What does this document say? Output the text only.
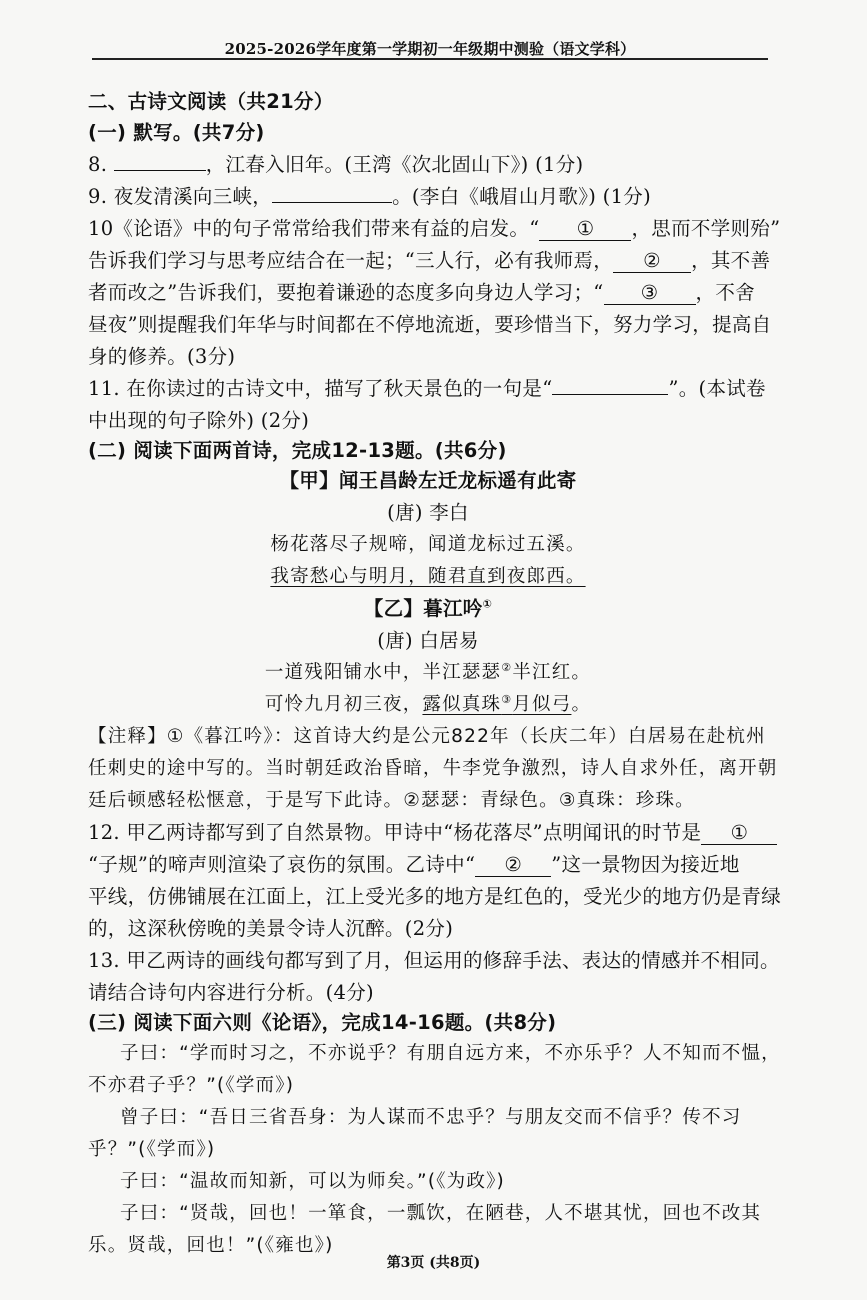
2025-2026学年度第一学期初一年级期中测验（语文学科）
二、古诗文阅读（共21分）
(一) 默写。(共7分)
8.	，江春入旧年。(王湾《次北固山下》) (1分)
9. 夜发清溪向三峡，	。(李白《峨眉山月歌》) (1分)
10《论语》中的句子常常给我们带来有益的启发。“ ① ，思而不学则殆”
告诉我们学习与思考应结合在一起；“三人行，必有我师焉， ② ，其不善
者而改之”告诉我们，要抱着谦逊的态度多向身边人学习；“ ③ ，不舍
昼夜”则提醒我们年华与时间都在不停地流逝，要珍惜当下，努力学习，提高自
身的修养。(3分)
11. 在你读过的古诗文中，描写了秋天景色的一句是“	”。(本试卷
中出现的句子除外) (2分)
(二) 阅读下面两首诗，完成12-13题。(共6分)
【甲】闻王昌龄左迁龙标遥有此寄
(唐) 李白
杨花落尽子规啼，闻道龙标过五溪。
我寄愁心与明月，随君直到夜郎西。
【乙】暮江吟①
(唐) 白居易
一道残阳铺水中，半江瑟瑟②半江红。
可怜九月初三夜，露似真珠③月似弓。
【注释】①《暮江吟》：这首诗大约是公元822年（长庆二年）白居易在赴杭州
任刺史的途中写的。当时朝廷政治昏暗，牛李党争激烈，诗人自求外任，离开朝
廷后顿感轻松惬意，于是写下此诗。②瑟瑟：青绿色。③真珠：珍珠。
12. 甲乙两诗都写到了自然景物。甲诗中“杨花落尽”点明闻讯的时节是 ①
“子规”的啼声则渲染了哀伤的氛围。乙诗中“ ② ”这一景物因为接近地
平线，仿佛铺展在江面上，江上受光多的地方是红色的，受光少的地方仍是青绿
的，这深秋傍晚的美景令诗人沉醉。(2分)
13. 甲乙两诗的画线句都写到了月，但运用的修辞手法、表达的情感并不相同。
请结合诗句内容进行分析。(4分)
(三) 阅读下面六则《论语》，完成14-16题。(共8分)
子曰：“学而时习之，不亦说乎？有朋自远方来，不亦乐乎？人不知而不愠，
不亦君子乎？”(《学而》)
曾子曰：“吾日三省吾身：为人谋而不忠乎？与朋友交而不信乎？传不习
乎？”(《学而》)
子曰：“温故而知新，可以为师矣。”(《为政》)
子曰：“贤哉，回也！一箪食，一瓢饮，在陋巷，人不堪其忧，回也不改其
乐。贤哉，回也！”(《雍也》)
第3页 (共8页)
